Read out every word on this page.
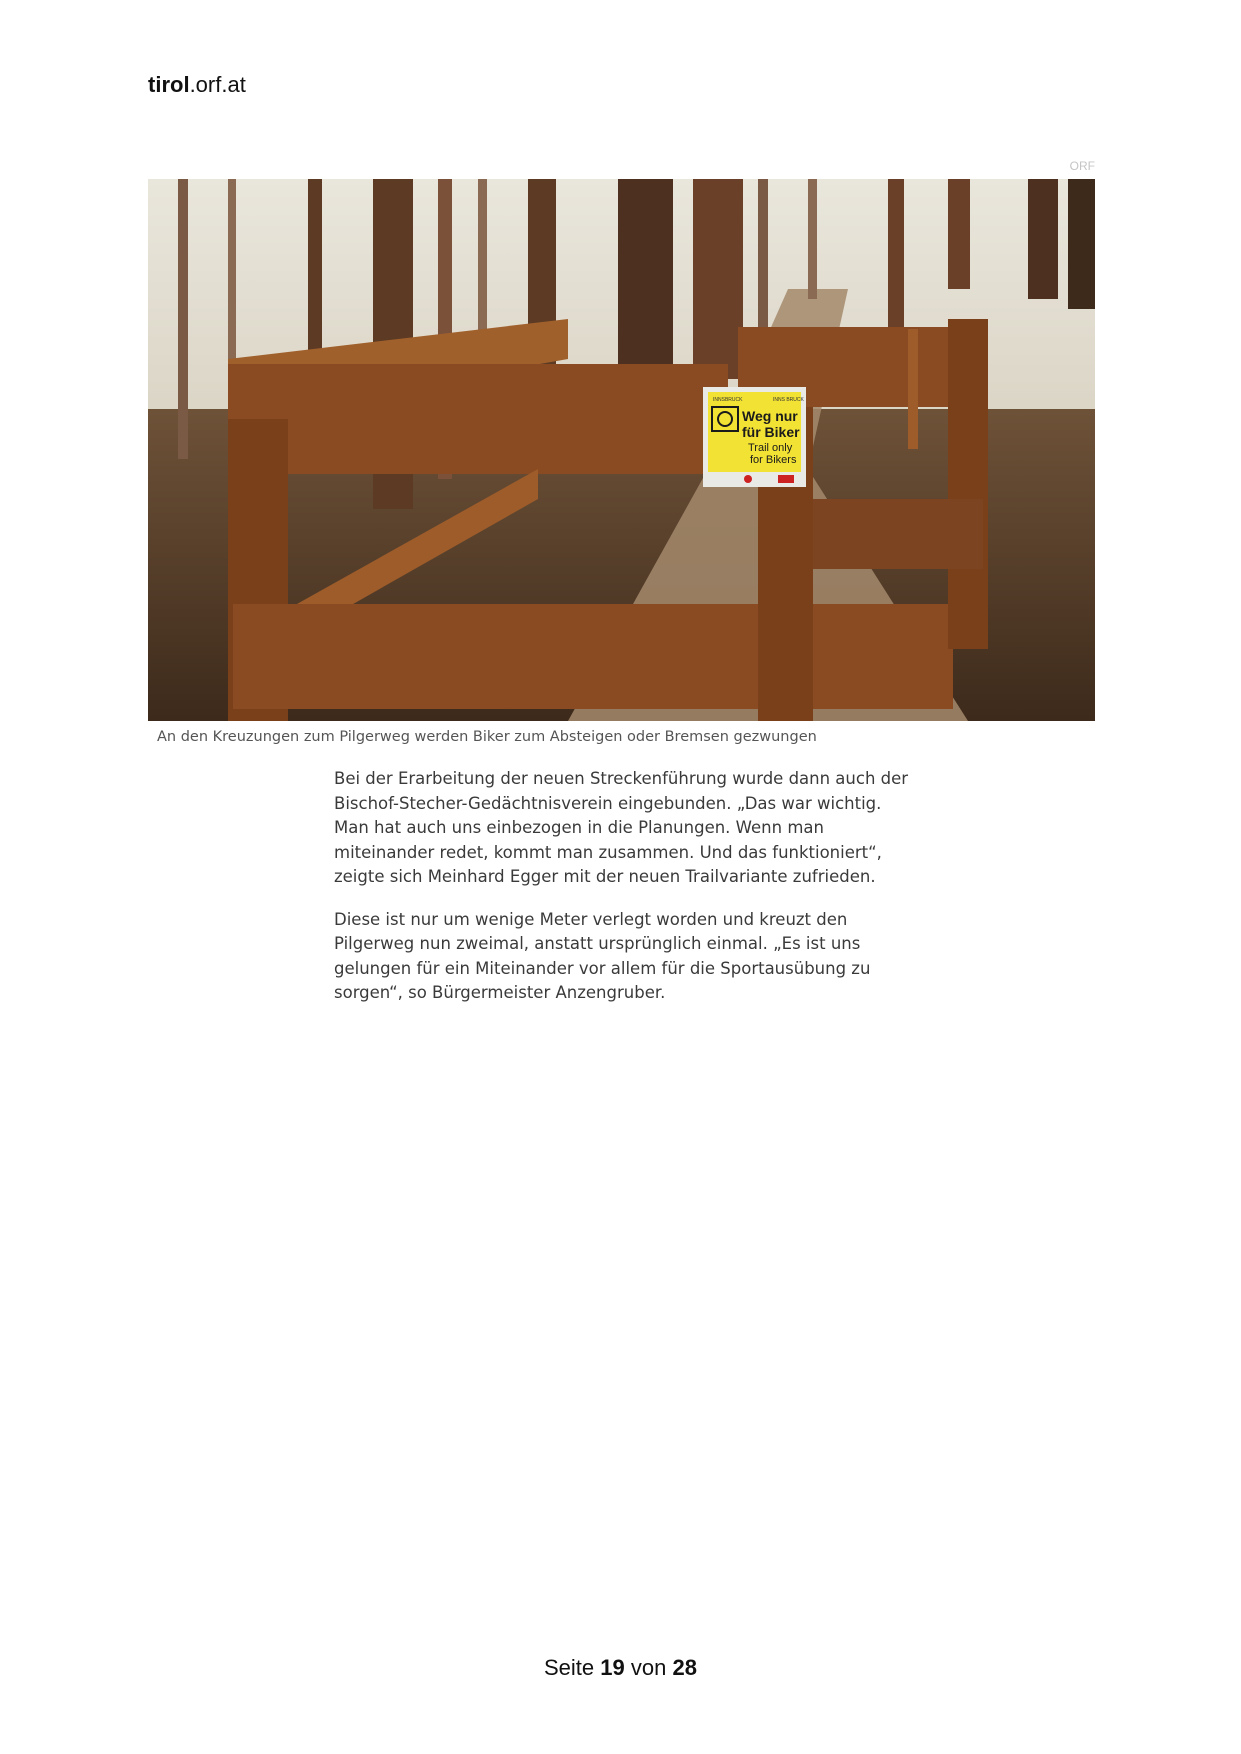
tirol.orf.at
ORF
INNSBRUCK	INNS BRUCK
Weg nur
für Biker
Trail only
for Bikers
An den Kreuzungen zum Pilgerweg werden Biker zum Absteigen oder Bremsen gezwungen

Bei der Erarbeitung der neuen Streckenführung wurde dann auch der Bischof-Stecher-Gedächtnisverein eingebunden. „Das war wichtig. Man hat auch uns einbezogen in die Planungen. Wenn man miteinander redet, kommt man zusammen. Und das funktioniert“, zeigte sich Meinhard Egger mit der neuen Trailvariante zufrieden.

Diese ist nur um wenige Meter verlegt worden und kreuzt den Pilgerweg nun zweimal, anstatt ursprünglich einmal. „Es ist uns gelungen für ein Miteinander vor allem für die Sportausübung zu sorgen“, so Bürgermeister Anzengruber.

Seite 19 von 28
